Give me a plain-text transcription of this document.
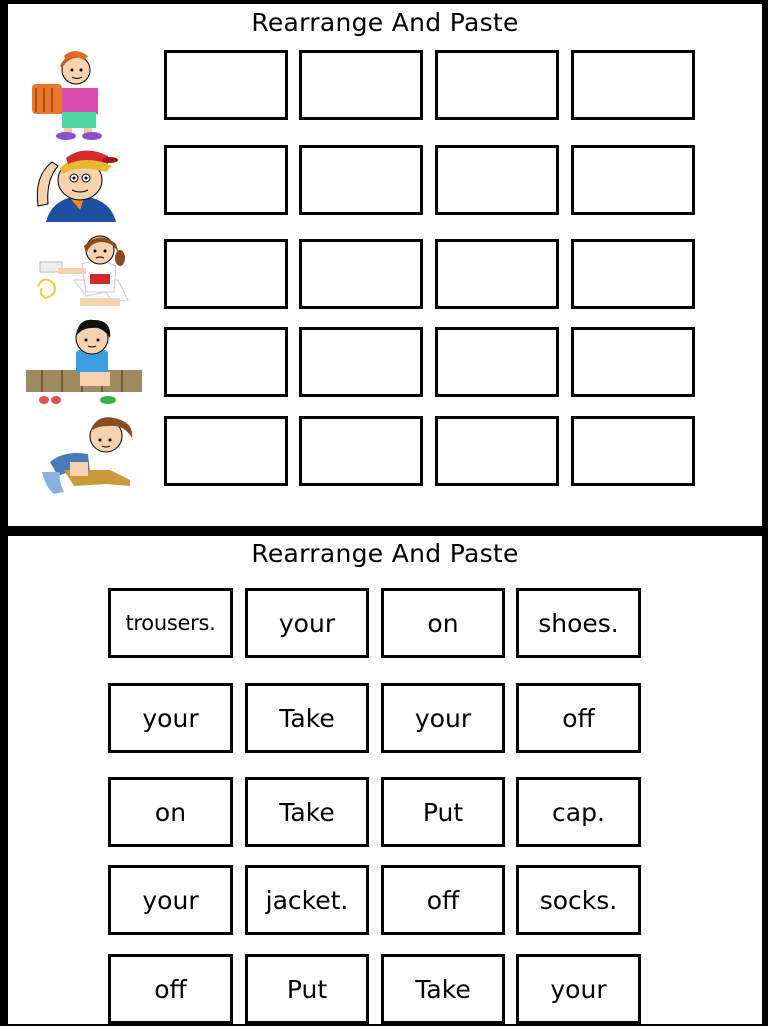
Rearrange And Paste
Rearrange And Paste
trousers.	your	on	shoes.
your	Take	your	off
on	Take	Put	cap.
your	jacket.	off	socks.
off	Put	Take	your
